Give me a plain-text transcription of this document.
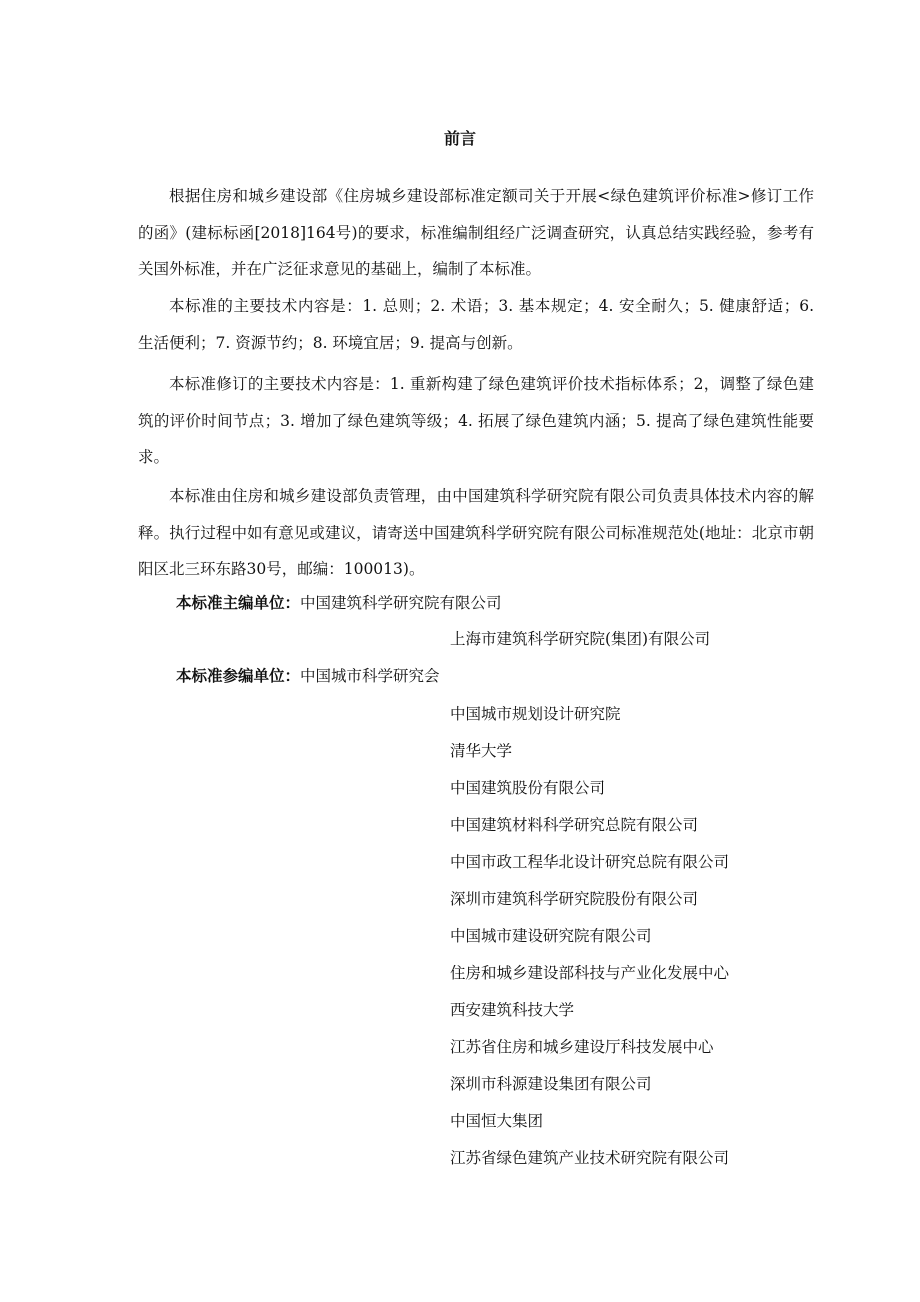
前言

根据住房和城乡建设部《住房城乡建设部标准定额司关于开展<绿色建筑评价标准>修订工作的函》(建标标函[2018]164号)的要求，标准编制组经广泛调查研究，认真总结实践经验，参考有关国外标准，并在广泛征求意见的基础上，编制了本标准。

本标准的主要技术内容是：1. 总则；2. 术语；3. 基本规定；4. 安全耐久；5. 健康舒适；6. 生活便利；7. 资源节约；8. 环境宜居；9. 提高与创新。

本标准修订的主要技术内容是：1. 重新构建了绿色建筑评价技术指标体系；2，调整了绿色建筑的评价时间节点；3. 增加了绿色建筑等级；4. 拓展了绿色建筑内涵；5. 提高了绿色建筑性能要求。

本标准由住房和城乡建设部负责管理，由中国建筑科学研究院有限公司负责具体技术内容的解释。执行过程中如有意见或建议，请寄送中国建筑科学研究院有限公司标准规范处(地址：北京市朝阳区北三环东路30号，邮编：100013)。

本标准主编单位：中国建筑科学研究院有限公司
上海市建筑科学研究院(集团)有限公司
本标准参编单位：中国城市科学研究会
中国城市规划设计研究院
清华大学
中国建筑股份有限公司
中国建筑材料科学研究总院有限公司
中国市政工程华北设计研究总院有限公司
深圳市建筑科学研究院股份有限公司
中国城市建设研究院有限公司
住房和城乡建设部科技与产业化发展中心
西安建筑科技大学
江苏省住房和城乡建设厅科技发展中心
深圳市科源建设集团有限公司
中国恒大集团
江苏省绿色建筑产业技术研究院有限公司
